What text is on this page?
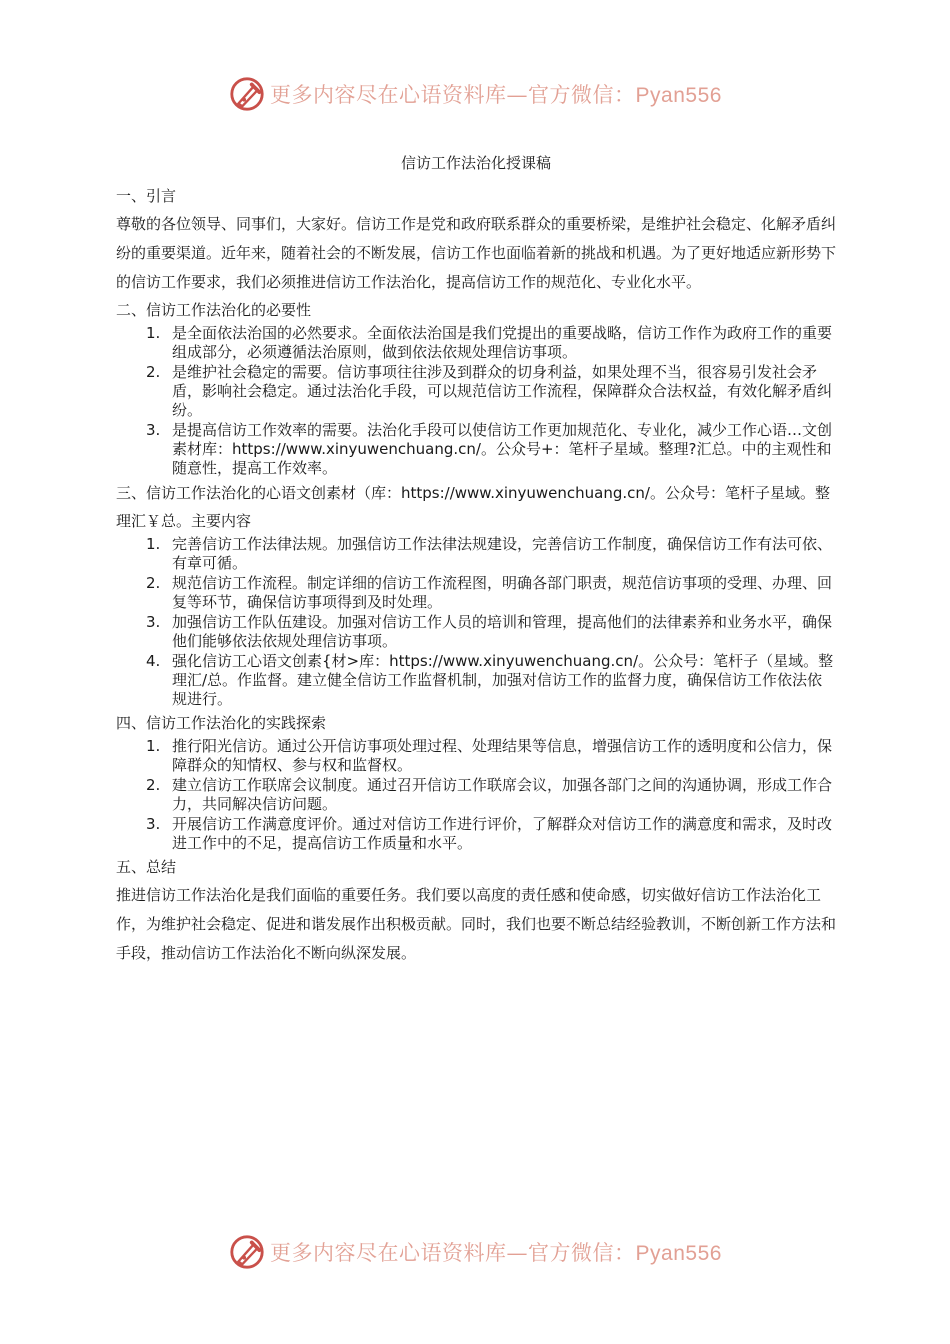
更多内容尽在心语资料库—官方微信：Pyan556
信访工作法治化授课稿
一、引言

尊敬的各位领导、同事们，大家好。信访工作是党和政府联系群众的重要桥梁，是维护社会稳定、化解矛盾纠纷的重要渠道。近年来，随着社会的不断发展，信访工作也面临着新的挑战和机遇。为了更好地适应新形势下的信访工作要求，我们必须推进信访工作法治化，提高信访工作的规范化、专业化水平。

二、信访工作法治化的必要性
1. 是全面依法治国的必然要求。全面依法治国是我们党提出的重要战略，信访工作作为政府工作的重要组成部分，必须遵循法治原则，做到依法依规处理信访事项。
2. 是维护社会稳定的需要。信访事项往往涉及到群众的切身利益，如果处理不当，很容易引发社会矛盾，影响社会稳定。通过法治化手段，可以规范信访工作流程，保障群众合法权益，有效化解矛盾纠纷。
3. 是提高信访工作效率的需要。法治化手段可以使信访工作更加规范化、专业化，减少工作心语…文创素材库：https://www.xinyuwenchuang.cn/。公众号+：笔杆子星域。整理?汇总。中的主观性和随意性，提高工作效率。
三、信访工作法治化的心语文创素材（库：https://www.xinyuwenchuang.cn/。公众号：笔杆子星域。整理汇￥总。主要内容
1. 完善信访工作法律法规。加强信访工作法律法规建设，完善信访工作制度，确保信访工作有法可依、有章可循。
2. 规范信访工作流程。制定详细的信访工作流程图，明确各部门职责，规范信访事项的受理、办理、回复等环节，确保信访事项得到及时处理。
3. 加强信访工作队伍建设。加强对信访工作人员的培训和管理，提高他们的法律素养和业务水平，确保他们能够依法依规处理信访事项。
4. 强化信访工心语文创素{材>库：https://www.xinyuwenchuang.cn/。公众号：笔杆子（星域。整理汇/总。作监督。建立健全信访工作监督机制，加强对信访工作的监督力度，确保信访工作依法依规进行。
四、信访工作法治化的实践探索
1. 推行阳光信访。通过公开信访事项处理过程、处理结果等信息，增强信访工作的透明度和公信力，保障群众的知情权、参与权和监督权。
2. 建立信访工作联席会议制度。通过召开信访工作联席会议，加强各部门之间的沟通协调，形成工作合力，共同解决信访问题。
3. 开展信访工作满意度评价。通过对信访工作进行评价，了解群众对信访工作的满意度和需求，及时改进工作中的不足，提高信访工作质量和水平。
五、总结

推进信访工作法治化是我们面临的重要任务。我们要以高度的责任感和使命感，切实做好信访工作法治化工作，为维护社会稳定、促进和谐发展作出积极贡献。同时，我们也要不断总结经验教训，不断创新工作方法和手段，推动信访工作法治化不断向纵深发展。

更多内容尽在心语资料库—官方微信：Pyan556
